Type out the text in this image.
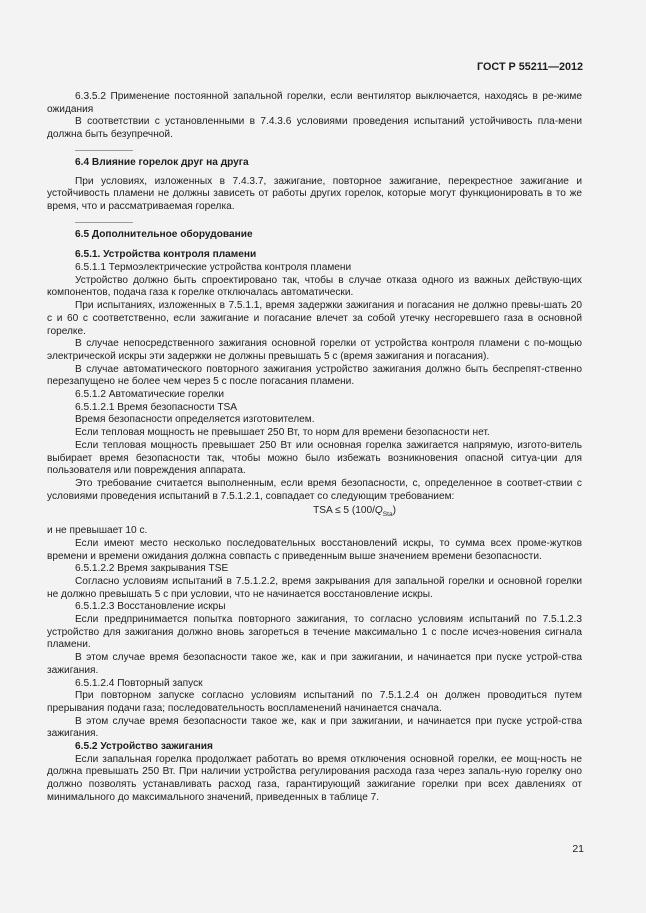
ГОСТ Р 55211—2012

6.3.5.2 Применение постоянной запальной горелки, если вентилятор выключается, находясь в ре-жиме ожидания

В соответствии с установленными в 7.4.3.6 условиями проведения испытаний устойчивость пла-мени должна быть безупречной.

6.4 Влияние горелок друг на друга

При условиях, изложенных в 7.4.3.7, зажигание, повторное зажигание, перекрестное зажигание и устойчивость пламени не должны зависеть от работы других горелок, которые могут функционировать в то же время, что и рассматриваемая горелка.

6.5 Дополнительное оборудование

6.5.1. Устройства контроля пламени

6.5.1.1 Термоэлектрические устройства контроля пламени

Устройство должно быть спроектировано так, чтобы в случае отказа одного из важных действую-щих компонентов, подача газа к горелке отключалась автоматически.

При испытаниях, изложенных в 7.5.1.1, время задержки зажигания и погасания не должно превы-шать 20 с и 60 с соответственно, если зажигание и погасание влечет за собой утечку несгоревшего газа в основной горелке.

В случае непосредственного зажигания основной горелки от устройства контроля пламени с по-мощью электрической искры эти задержки не должны превышать 5 с (время зажигания и погасания).

В случае автоматического повторного зажигания устройство зажигания должно быть беспрепят-ственно перезапущено не более чем через 5 с после погасания пламени.

6.5.1.2 Автоматические горелки

6.5.1.2.1 Время безопасности TSA

Время безопасности определяется изготовителем.

Если тепловая мощность не превышает 250 Вт, то норм для времени безопасности нет.

Если тепловая мощность превышает 250 Вт или основная горелка зажигается напрямую, изгото-витель выбирает время безопасности так, чтобы можно было избежать возникновения опасной ситуа-ции для пользователя или повреждения аппарата.

Это требование считается выполненным, если время безопасности, с, определенное в соответ-ствии с условиями проведения испытаний в 7.5.1.2.1, совпадает со следующим требованием:

TSA ≤ 5 $(100/Q_{Sta})$

и не превышает 10 с.

Если имеют место несколько последовательных восстановлений искры, то сумма всех проме-жутков времени и времени ожидания должна совпасть с приведенным выше значением времени безопасности.

6.5.1.2.2 Время закрывания TSE

Согласно условиям испытаний в 7.5.1.2.2, время закрывания для запальной горелки и основной горелки не должно превышать 5 с при условии, что не начинается восстановление искры.

6.5.1.2.3 Восстановление искры

Если предпринимается попытка повторного зажигания, то согласно условиям испытаний по 7.5.1.2.3 устройство для зажигания должно вновь загореться в течение максимально 1 с после исчез-новения сигнала пламени.

В этом случае время безопасности такое же, как и при зажигании, и начинается при пуске устрой-ства зажигания.

6.5.1.2.4 Повторный запуск

При повторном запуске согласно условиям испытаний по 7.5.1.2.4 он должен проводиться путем прерывания подачи газа; последовательность воспламенений начинается сначала.

В этом случае время безопасности такое же, как и при зажигании, и начинается при пуске устрой-ства зажигания.

6.5.2 Устройство зажигания

Если запальная горелка продолжает работать во время отключения основной горелки, ее мощ-ность не должна превышать 250 Вт. При наличии устройства регулирования расхода газа через запаль-ную горелку оно должно позволять устанавливать расход газа, гарантирующий зажигание горелки при всех давлениях от минимального до максимального значений, приведенных в таблице 7.

21
